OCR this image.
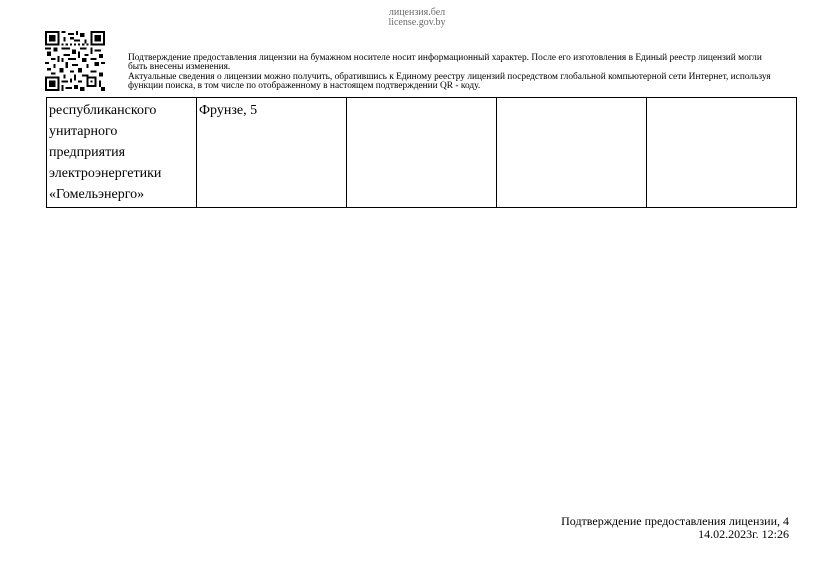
лицензия.бел
license.gov.by

Подтверждение предоставления лицензии на бумажном носителе носит информационный характер. После его изготовления в Единый реестр лицензий могли
быть внесены изменения.
Актуальные сведения о лицензии можно получить, обратившись к Единому реестру лицензий посредством глобальной компьютерной сети Интернет, используя
функции поиска, в том числе по отображенному в настоящем подтверждении QR - коду.

республиканского
унитарного
предприятия
электроэнергетики
«Гомельэнерго»
	Фрунзе, 5			
Подтверждение предоставления лицензии, 4
14.02.2023г. 12:26
